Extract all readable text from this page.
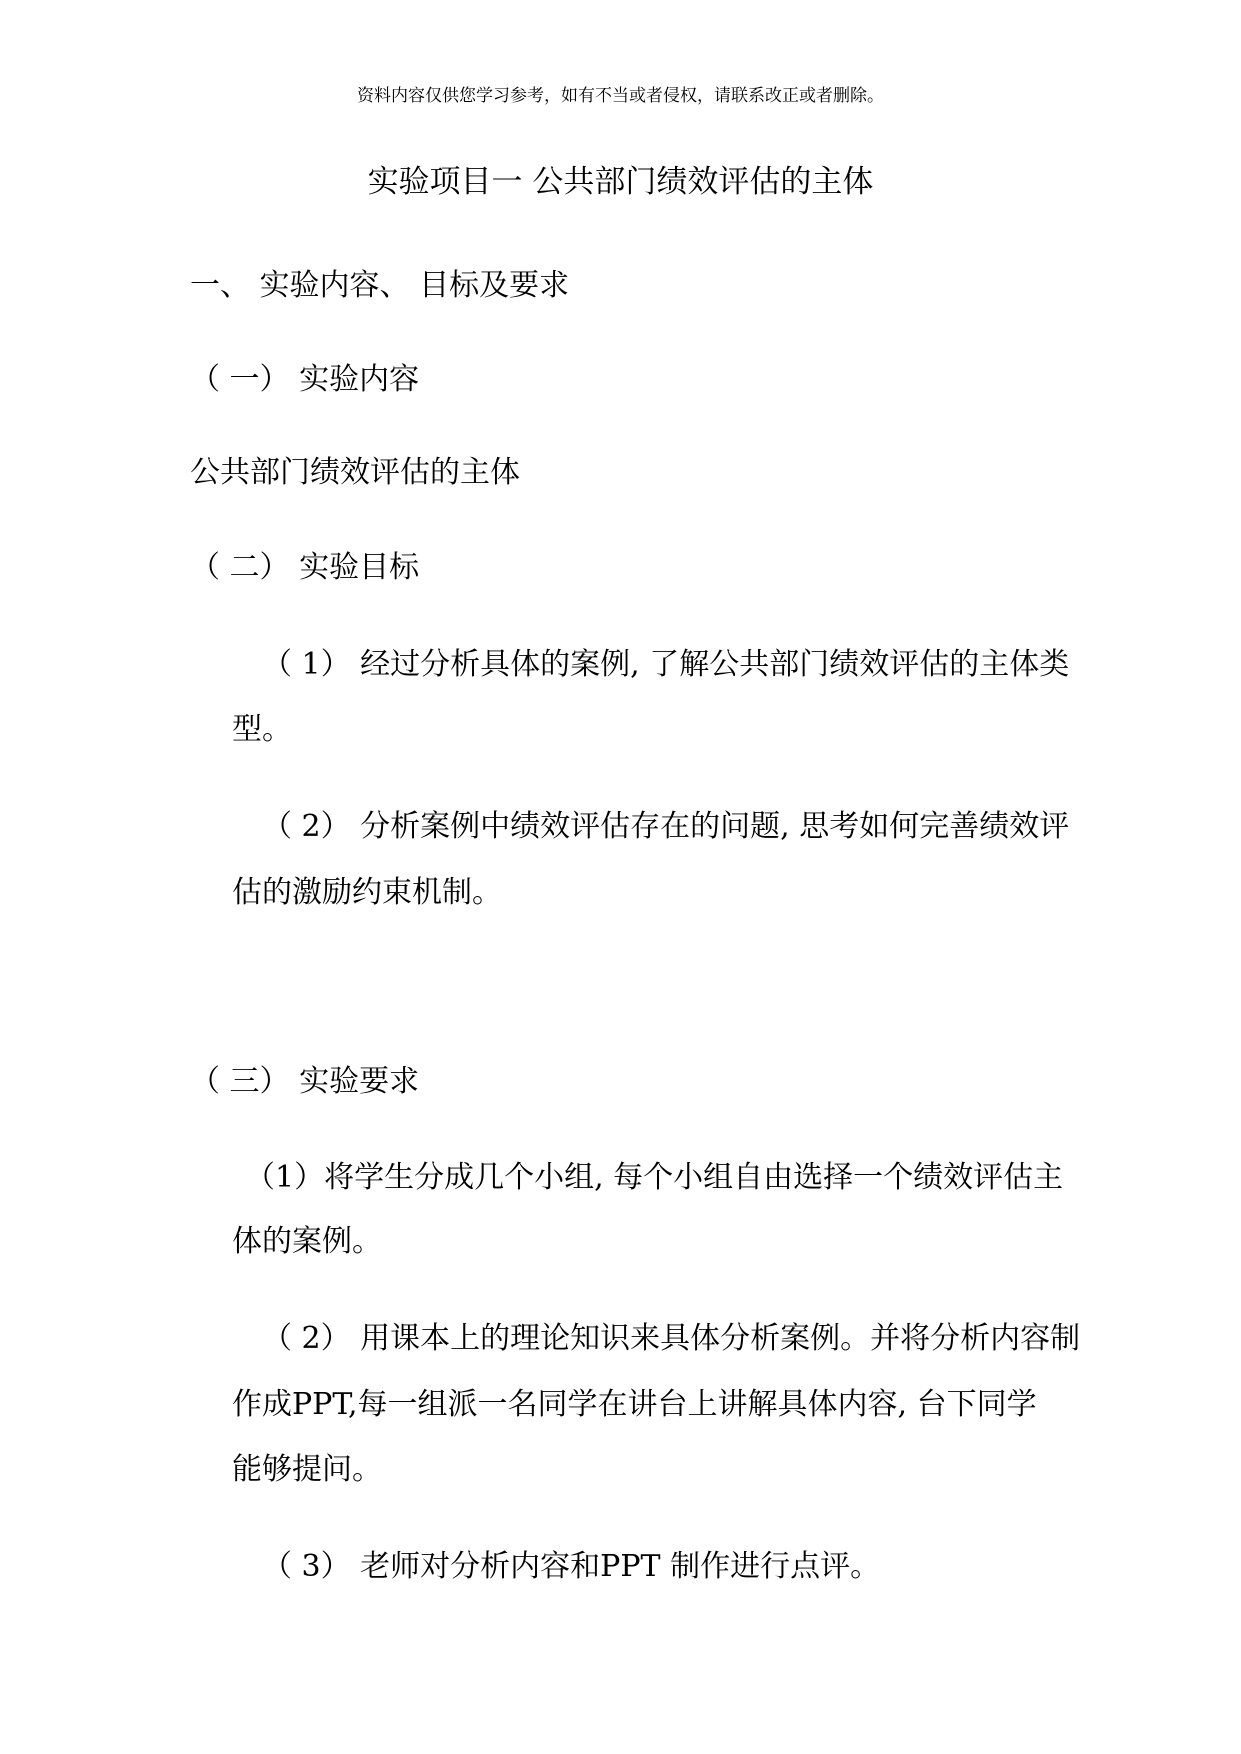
资料内容仅供您学习参考，如有不当或者侵权，请联系改正或者删除。
实验项目一 公共部门绩效评估的主体
一、 实验内容、 目标及要求
（ 一） 实验内容
公共部门绩效评估的主体
（ 二） 实验目标
（ 1） 经过分析具体的案例, 了解公共部门绩效评估的主体类
型。
（ 2） 分析案例中绩效评估存在的问题, 思考如何完善绩效评
估的激励约束机制。
（ 三） 实验要求
（1）将学生分成几个小组, 每个小组自由选择一个绩效评估主
体的案例。
（ 2） 用课本上的理论知识来具体分析案例。并将分析内容制
作成PPT,每一组派一名同学在讲台上讲解具体内容, 台下同学
能够提问。
（ 3） 老师对分析内容和PPT 制作进行点评。
